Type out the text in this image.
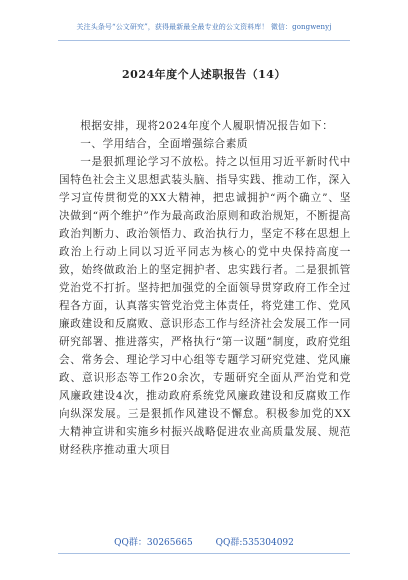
关注头条号“公文研究”，获得最新最全最专业的公文资料库！ 微信：gongwenyj
2024年度个人述职报告（14）

根据安排，现将2024年度个人履职情况报告如下：

一、学用结合，全面增强综合素质

一是狠抓理论学习不放松。持之以恒用习近平新时代中国特色社会主义思想武装头脑、指导实践、推动工作，深入学习宣传贯彻党的XX大精神，把忠诚拥护“两个确立”、坚决做到“两个维护”作为最高政治原则和政治规矩，不断提高政治判断力、政治领悟力、政治执行力，坚定不移在思想上政治上行动上同以习近平同志为核心的党中央保持高度一致，始终做政治上的坚定拥护者、忠实践行者。二是狠抓管党治党不打折。坚持把加强党的全面领导贯穿政府工作全过程各方面，认真落实管党治党主体责任，将党建工作、党风廉政建设和反腐败、意识形态工作与经济社会发展工作一同研究部署、推进落实，严格执行“第一议题”制度，政府党组会、常务会、理论学习中心组等专题学习研究党建、党风廉政、意识形态等工作20余次，专题研究全面从严治党和党风廉政建设4次，推动政府系统党风廉政建设和反腐败工作向纵深发展。三是狠抓作风建设不懈怠。积极参加党的XX大精神宣讲和实施乡村振兴战略促进农业高质量发展、规范财经秩序推动重大项目

QQ群：30265665	QQ群:535304092
